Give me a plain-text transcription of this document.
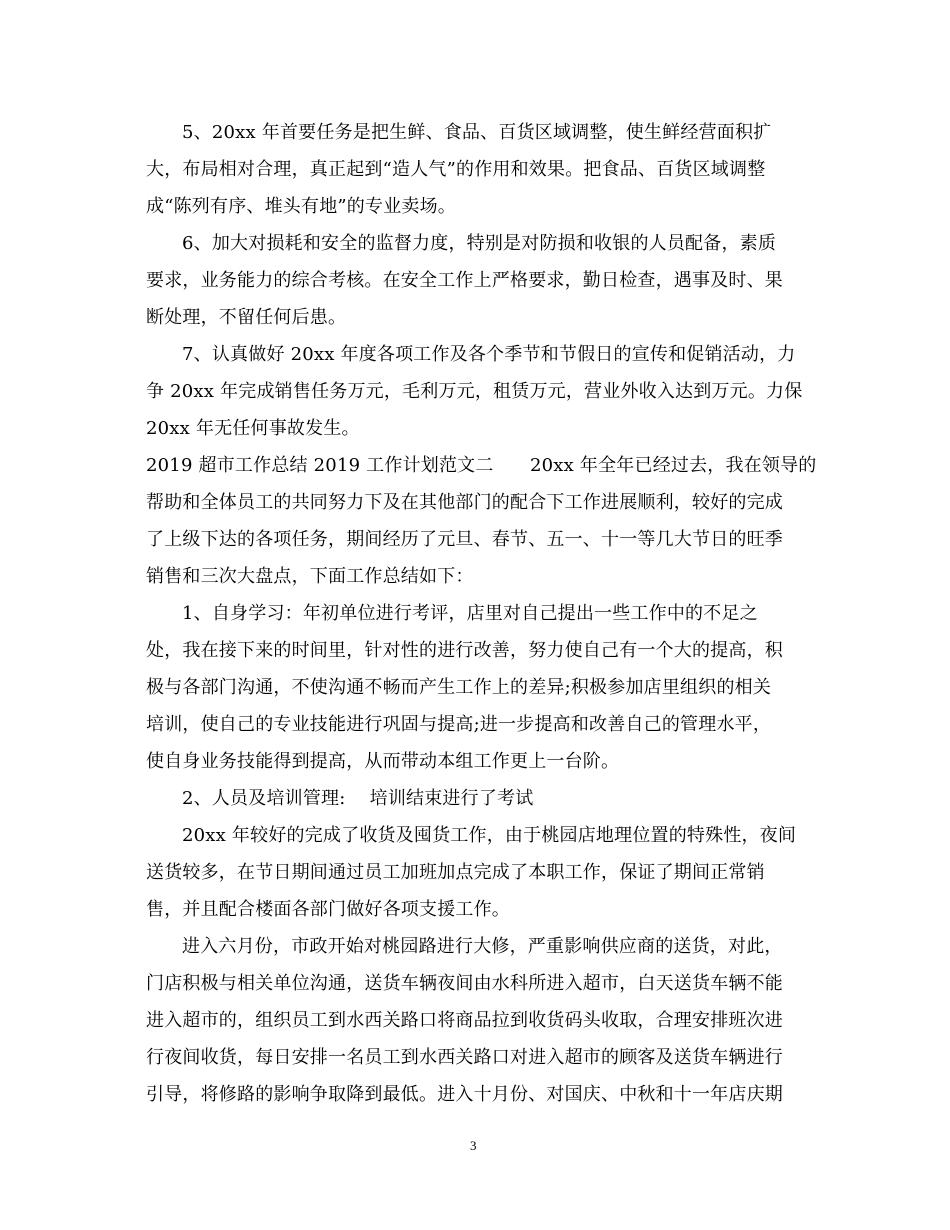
5、20xx 年首要任务是把生鲜、食品、百货区域调整，使生鲜经营面积扩
大，布局相对合理，真正起到“造人气”的作用和效果。把食品、百货区域调整
成“陈列有序、堆头有地”的专业卖场。
6、加大对损耗和安全的监督力度，特别是对防损和收银的人员配备，素质
要求，业务能力的综合考核。在安全工作上严格要求，勤日检查，遇事及时、果
断处理，不留任何后患。
7、认真做好 20xx 年度各项工作及各个季节和节假日的宣传和促销活动，力
争 20xx 年完成销售任务万元，毛利万元，租赁万元，营业外收入达到万元。力保
20xx 年无任何事故发生。
2019 超市工作总结 2019 工作计划范文二　　20xx 年全年已经过去，我在领导的
帮助和全体员工的共同努力下及在其他部门的配合下工作进展顺利，较好的完成
了上级下达的各项任务，期间经历了元旦、春节、五一、十一等几大节日的旺季
销售和三次大盘点，下面工作总结如下：
1、自身学习：年初单位进行考评，店里对自己提出一些工作中的不足之
处，我在接下来的时间里，针对性的进行改善，努力使自己有一个大的提高，积
极与各部门沟通，不使沟通不畅而产生工作上的差异;积极参加店里组织的相关
培训，使自己的专业技能进行巩固与提高;进一步提高和改善自己的管理水平，
使自身业务技能得到提高，从而带动本组工作更上一台阶。
2、人员及培训管理:　 培训结束进行了考试
20xx 年较好的完成了收货及囤货工作，由于桃园店地理位置的特殊性，夜间
送货较多，在节日期间通过员工加班加点完成了本职工作，保证了期间正常销
售，并且配合楼面各部门做好各项支援工作。
进入六月份，市政开始对桃园路进行大修，严重影响供应商的送货，对此，
门店积极与相关单位沟通，送货车辆夜间由水科所进入超市，白天送货车辆不能
进入超市的，组织员工到水西关路口将商品拉到收货码头收取，合理安排班次进
行夜间收货，每日安排一名员工到水西关路口对进入超市的顾客及送货车辆进行
引导，将修路的影响争取降到最低。进入十月份、对国庆、中秋和十一年店庆期
3
